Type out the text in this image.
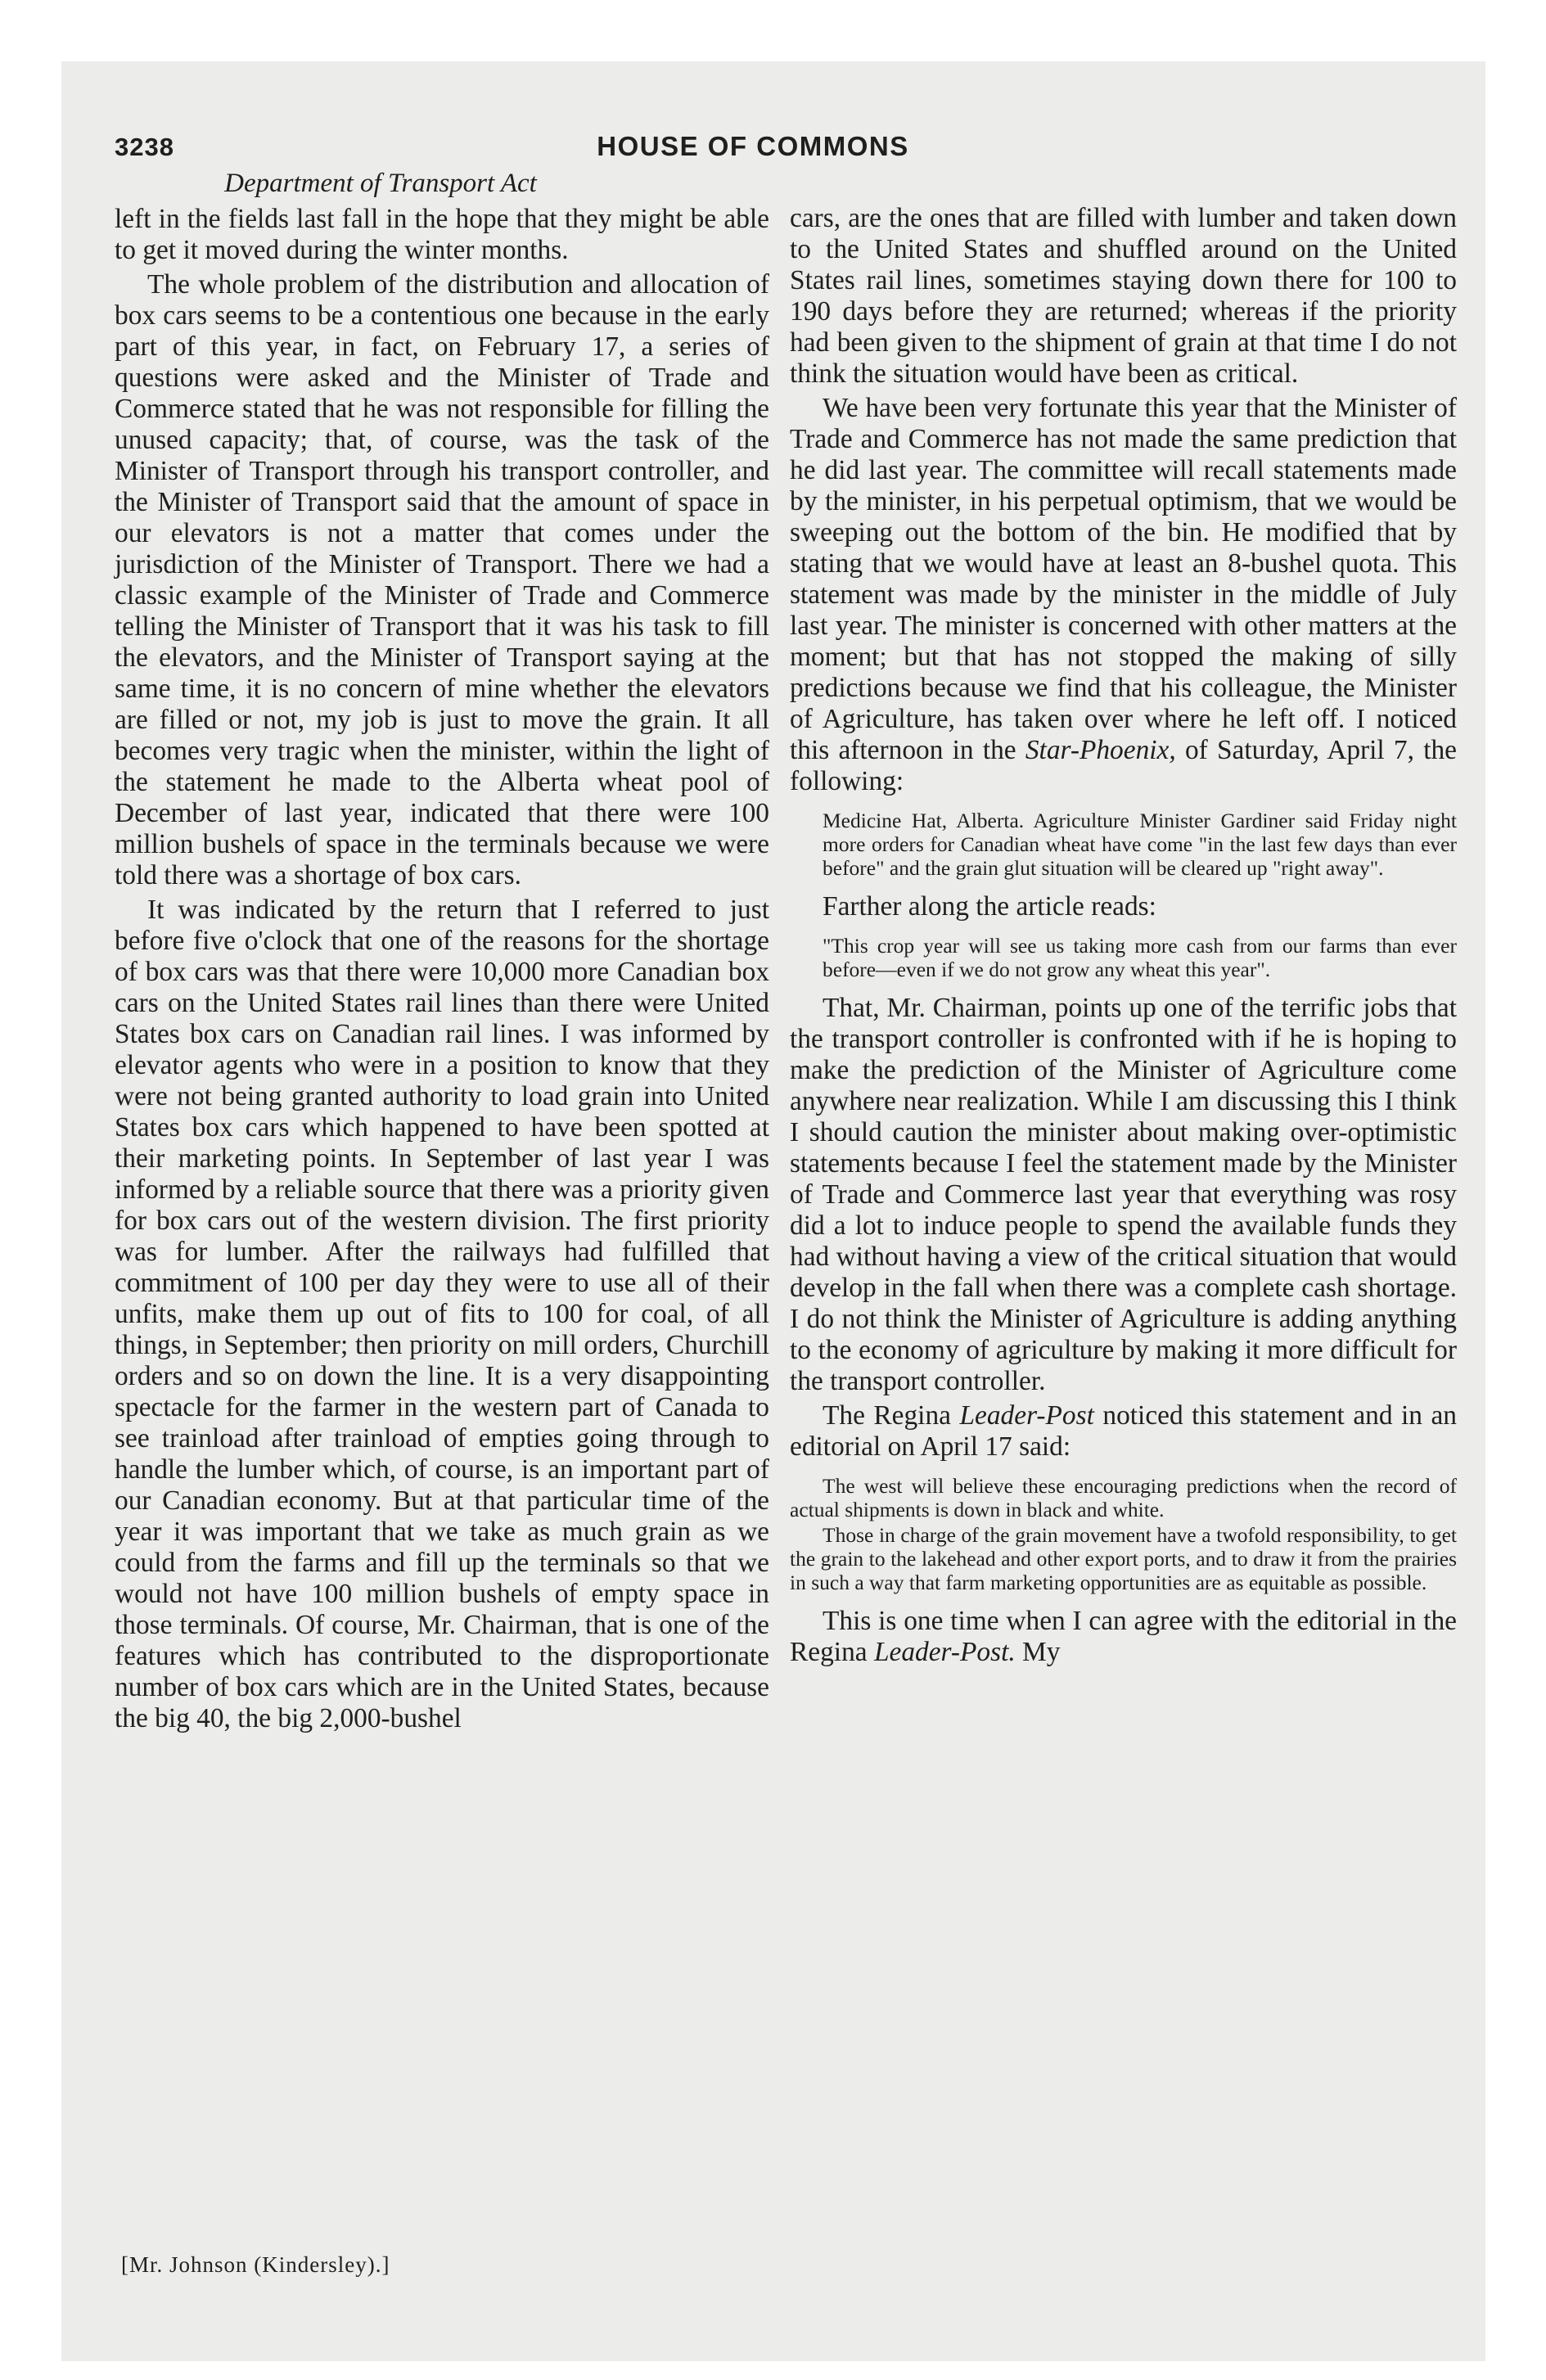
3238	HOUSE OF COMMONS
Department of Transport Act

left in the fields last fall in the hope that they might be able to get it moved during the winter months.

The whole problem of the distribution and allocation of box cars seems to be a contentious one because in the early part of this year, in fact, on February 17, a series of questions were asked and the Minister of Trade and Commerce stated that he was not responsible for filling the unused capacity; that, of course, was the task of the Minister of Transport through his transport controller, and the Minister of Transport said that the amount of space in our elevators is not a matter that comes under the jurisdiction of the Minister of Transport. There we had a classic example of the Minister of Trade and Commerce telling the Minister of Transport that it was his task to fill the elevators, and the Minister of Transport saying at the same time, it is no concern of mine whether the elevators are filled or not, my job is just to move the grain. It all becomes very tragic when the minister, within the light of the statement he made to the Alberta wheat pool of December of last year, indicated that there were 100 million bushels of space in the terminals because we were told there was a shortage of box cars.

It was indicated by the return that I referred to just before five o'clock that one of the reasons for the shortage of box cars was that there were 10,000 more Canadian box cars on the United States rail lines than there were United States box cars on Canadian rail lines. I was informed by elevator agents who were in a position to know that they were not being granted authority to load grain into United States box cars which happened to have been spotted at their marketing points. In September of last year I was informed by a reliable source that there was a priority given for box cars out of the western division. The first priority was for lumber. After the railways had fulfilled that commitment of 100 per day they were to use all of their unfits, make them up out of fits to 100 for coal, of all things, in September; then priority on mill orders, Churchill orders and so on down the line. It is a very disappointing spectacle for the farmer in the western part of Canada to see trainload after trainload of empties going through to handle the lumber which, of course, is an important part of our Canadian economy. But at that particular time of the year it was important that we take as much grain as we could from the farms and fill up the terminals so that we would not have 100 million bushels of empty space in those terminals. Of course, Mr. Chairman, that is one of the features which has contributed to the disproportionate number of box cars which are in the United States, because the big 40, the big 2,000-bushel

cars, are the ones that are filled with lumber and taken down to the United States and shuffled around on the United States rail lines, sometimes staying down there for 100 to 190 days before they are returned; whereas if the priority had been given to the shipment of grain at that time I do not think the situation would have been as critical.

We have been very fortunate this year that the Minister of Trade and Commerce has not made the same prediction that he did last year. The committee will recall statements made by the minister, in his perpetual optimism, that we would be sweeping out the bottom of the bin. He modified that by stating that we would have at least an 8-bushel quota. This statement was made by the minister in the middle of July last year. The minister is concerned with other matters at the moment; but that has not stopped the making of silly predictions because we find that his colleague, the Minister of Agriculture, has taken over where he left off. I noticed this afternoon in the Star-Phoenix, of Saturday, April 7, the following:

Medicine Hat, Alberta. Agriculture Minister Gardiner said Friday night more orders for Canadian wheat have come "in the last few days than ever before" and the grain glut situation will be cleared up "right away".

Farther along the article reads:

"This crop year will see us taking more cash from our farms than ever before—even if we do not grow any wheat this year".

That, Mr. Chairman, points up one of the terrific jobs that the transport controller is confronted with if he is hoping to make the prediction of the Minister of Agriculture come anywhere near realization. While I am discussing this I think I should caution the minister about making over-optimistic statements because I feel the statement made by the Minister of Trade and Commerce last year that everything was rosy did a lot to induce people to spend the available funds they had without having a view of the critical situation that would develop in the fall when there was a complete cash shortage. I do not think the Minister of Agriculture is adding anything to the economy of agriculture by making it more difficult for the transport controller.

The Regina Leader-Post noticed this statement and in an editorial on April 17 said:

The west will believe these encouraging predictions when the record of actual shipments is down in black and white.

Those in charge of the grain movement have a twofold responsibility, to get the grain to the lakehead and other export ports, and to draw it from the prairies in such a way that farm marketing opportunities are as equitable as possible.

This is one time when I can agree with the editorial in the Regina Leader-Post. My

[Mr. Johnson (Kindersley).]
